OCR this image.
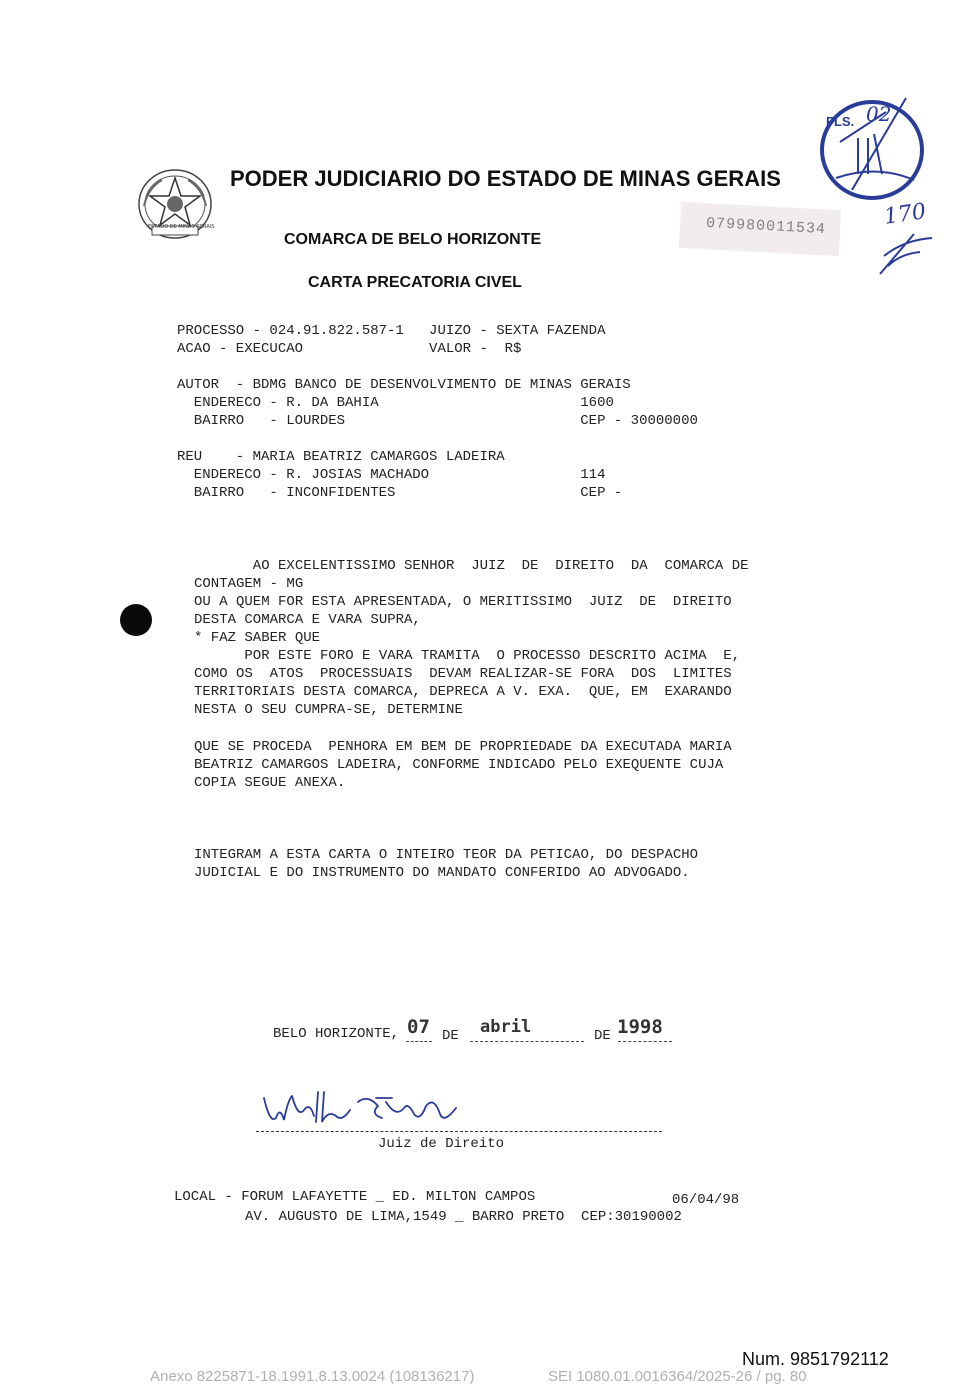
ESTADO DE MINAS GERAIS
PODER JUDICIARIO DO ESTADO DE MINAS GERAIS
COMARCA DE BELO HORIZONTE
CARTA PRECATORIA CIVEL
079980011534
FLS. 02
170
PROCESSO - 024.91.822.587-1   JUIZO - SEXTA FAZENDA
ACAO - EXECUCAO               VALOR -  R$
AUTOR  - BDMG BANCO DE DESENVOLVIMENTO DE MINAS GERAIS
ENDERECO - R. DA BAHIA                        1600
BAIRRO   - LOURDES                            CEP - 30000000
REU    - MARIA BEATRIZ CAMARGOS LADEIRA
ENDERECO - R. JOSIAS MACHADO                  114
BAIRRO   - INCONFIDENTES                      CEP -
AO EXCELENTISSIMO SENHOR  JUIZ  DE  DIREITO  DA  COMARCA DE
CONTAGEM - MG
OU A QUEM FOR ESTA APRESENTADA, O MERITISSIMO  JUIZ  DE  DIREITO
DESTA COMARCA E VARA SUPRA,
* FAZ SABER QUE
POR ESTE FORO E VARA TRAMITA  O PROCESSO DESCRITO ACIMA  E,
COMO OS  ATOS  PROCESSUAIS  DEVAM REALIZAR-SE FORA  DOS  LIMITES
TERRITORIAIS DESTA COMARCA, DEPRECA A V. EXA.  QUE, EM  EXARANDO
NESTA O SEU CUMPRA-SE, DETERMINE
QUE SE PROCEDA  PENHORA EM BEM DE PROPRIEDADE DA EXECUTADA MARIA
BEATRIZ CAMARGOS LADEIRA, CONFORME INDICADO PELO EXEQUENTE CUJA
COPIA SEGUE ANEXA.
INTEGRAM A ESTA CARTA O INTEIRO TEOR DA PETICAO, DO DESPACHO
JUDICIAL E DO INSTRUMENTO DO MANDATO CONFERIDO AO ADVOGADO.
BELO HORIZONTE, 07 DE abril	DE 1998
Juiz de Direito
LOCAL - FORUM LAFAYETTE _ ED. MILTON CAMPOS	06/04/98
AV. AUGUSTO DE LIMA,1549 _ BARRO PRETO  CEP:30190002
Num. 9851792112
Anexo 8225871-18.1991.8.13.0024 (108136217)	SEI 1080.01.0016364/2025-26 / pg. 80
